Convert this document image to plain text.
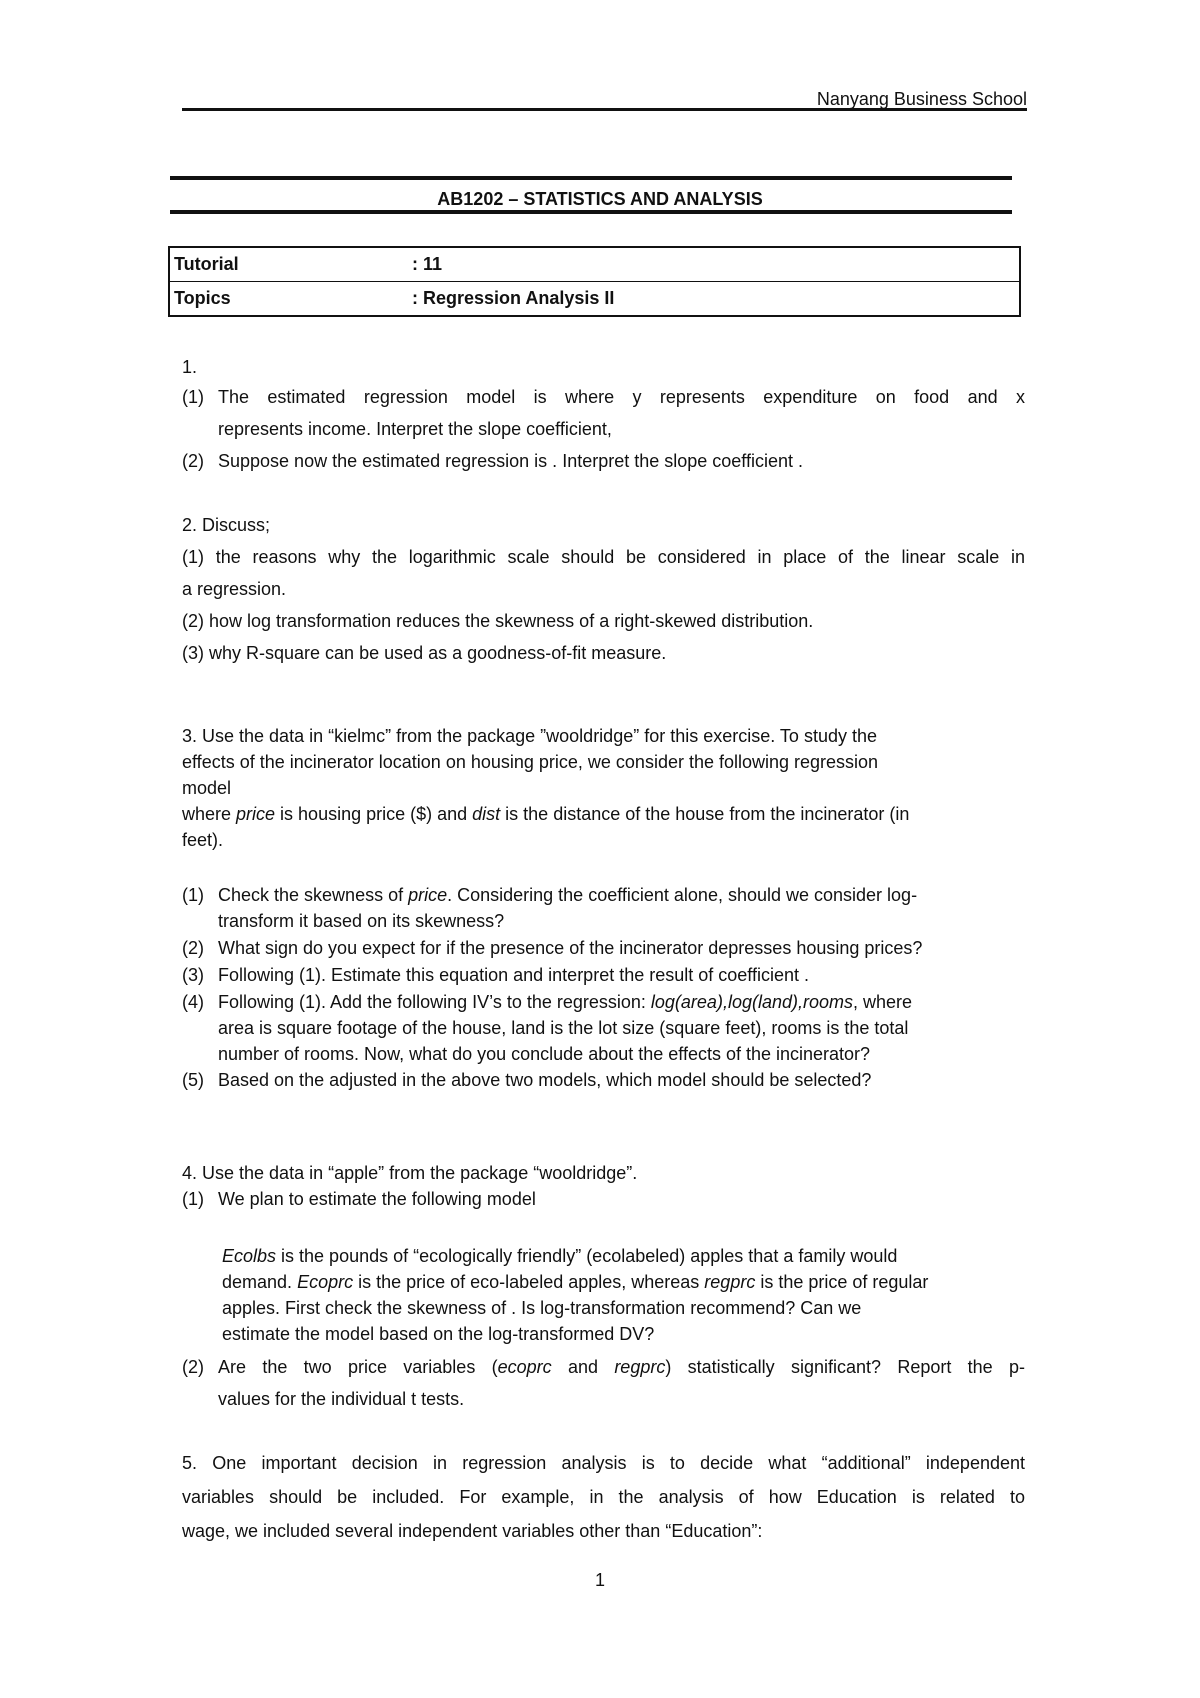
Nanyang Business School
AB1202 – STATISTICS AND ANALYSIS
Tutorial	: 11
Topics	: Regression Analysis II
1.
(1) The estimated regression model is where y represents expenditure on food and x
represents income. Interpret the slope coefficient,
(2) Suppose now the estimated regression is . Interpret the slope coefficient .
2. Discuss;
(1) the reasons why the logarithmic scale should be considered in place of the linear scale in
a regression.
(2) how log transformation reduces the skewness of a right-skewed distribution.
(3) why R-square can be used as a goodness-of-fit measure.
3. Use the data in “kielmc” from the package ”wooldridge” for this exercise. To study the
effects of the incinerator location on housing price, we consider the following regression
model
where price is housing price ($) and dist is the distance of the house from the incinerator (in
feet).
(1) Check the skewness of price. Considering the coefficient alone, should we consider log-
transform it based on its skewness?
(2) What sign do you expect for if the presence of the incinerator depresses housing prices?
(3) Following (1). Estimate this equation and interpret the result of coefficient .
(4) Following (1). Add the following IV’s to the regression: log(area),log(land),rooms, where
area is square footage of the house, land is the lot size (square feet), rooms is the total
number of rooms. Now, what do you conclude about the effects of the incinerator?
(5) Based on the adjusted in the above two models, which model should be selected?
4. Use the data in “apple” from the package “wooldridge”.
(1) We plan to estimate the following model
Ecolbs is the pounds of “ecologically friendly” (ecolabeled) apples that a family would
demand. Ecoprc is the price of eco-labeled apples, whereas regprc is the price of regular
apples. First check the skewness of . Is log-transformation recommend? Can we
estimate the model based on the log-transformed DV?
(2) Are the two price variables (ecoprc and regprc) statistically significant? Report the p-
values for the individual t tests.
5. One important decision in regression analysis is to decide what “additional” independent
variables should be included. For example, in the analysis of how Education is related to
wage, we included several independent variables other than “Education”:
1
